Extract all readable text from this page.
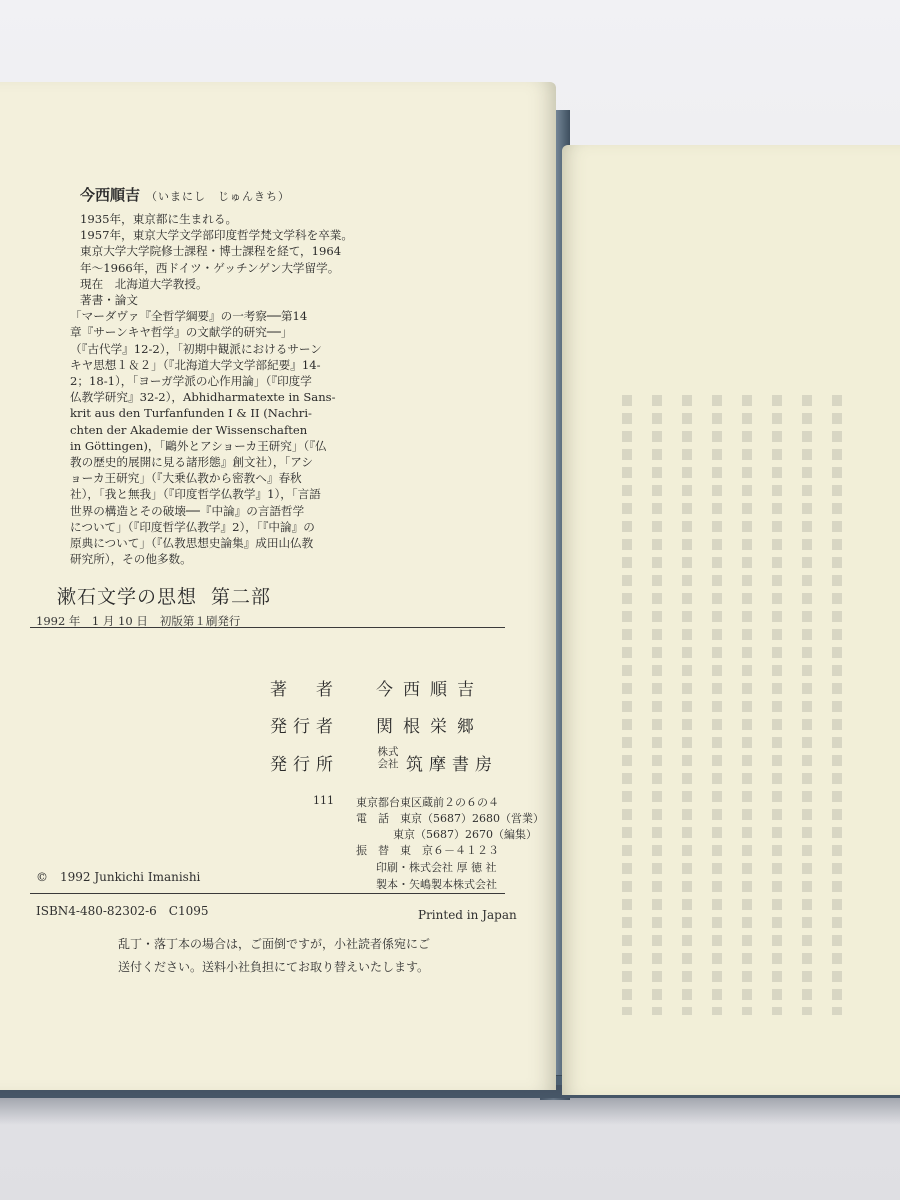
今西順吉 （いまにし　じゅんきち）
1935年，東京都に生まれる。
1957年，東京大学文学部印度哲学梵文学科を卒業。
東京大学大学院修士課程・博士課程を経て，1964
年〜1966年，西ドイツ・ゲッチンゲン大学留学。
現在　北海道大学教授。
著書・論文
「マーダヴァ『全哲学綱要』の一考察──第14
章『サーンキヤ哲学』の文献学的研究──」
（『古代学』12-2），「初期中観派におけるサーン
キヤ思想１＆２」（『北海道大学文学部紀要』14-
2；18-1），「ヨーガ学派の心作用論」（『印度学
仏教学研究』32-2），Abhidharmatexte in Sans-
krit aus den Turfanfunden I & II (Nachri-
chten der Akademie der Wissenschaften
in Göttingen)，「鷗外とアショーカ王研究」（『仏
教の歴史的展開に見る諸形態』創文社），「アシ
ョーカ王研究」（『大乗仏教から密教へ』春秋
社），「我と無我」（『印度哲学仏教学』1），「言語
世界の構造とその破壊──『中論』の言語哲学
について」（『印度哲学仏教学』2），「『中論』の
原典について」（『仏教思想史論集』成田山仏教
研究所），その他多数。
漱石文学の思想 第二部
1992 年　1 月 10 日 初版第１刷発行
著　者 今西順吉
発行者 関根栄郷
発行所
株式
会社 筑摩書房
111 東京都台東区蔵前２の６の４
電　話　東京（5687）2680（営業）
東京（5687）2670（編集）
振　替　東　京６－４１２３
印刷・株式会社 厚 徳 社
製本・矢嶋製本株式会社
©　1992 Junkichi Imanishi
ISBN4-480-82302-6　C1095	Printed in Japan
乱丁・落丁本の場合は，ご面倒ですが，小社読者係宛にご
送付ください。送料小社負担にてお取り替えいたします。
